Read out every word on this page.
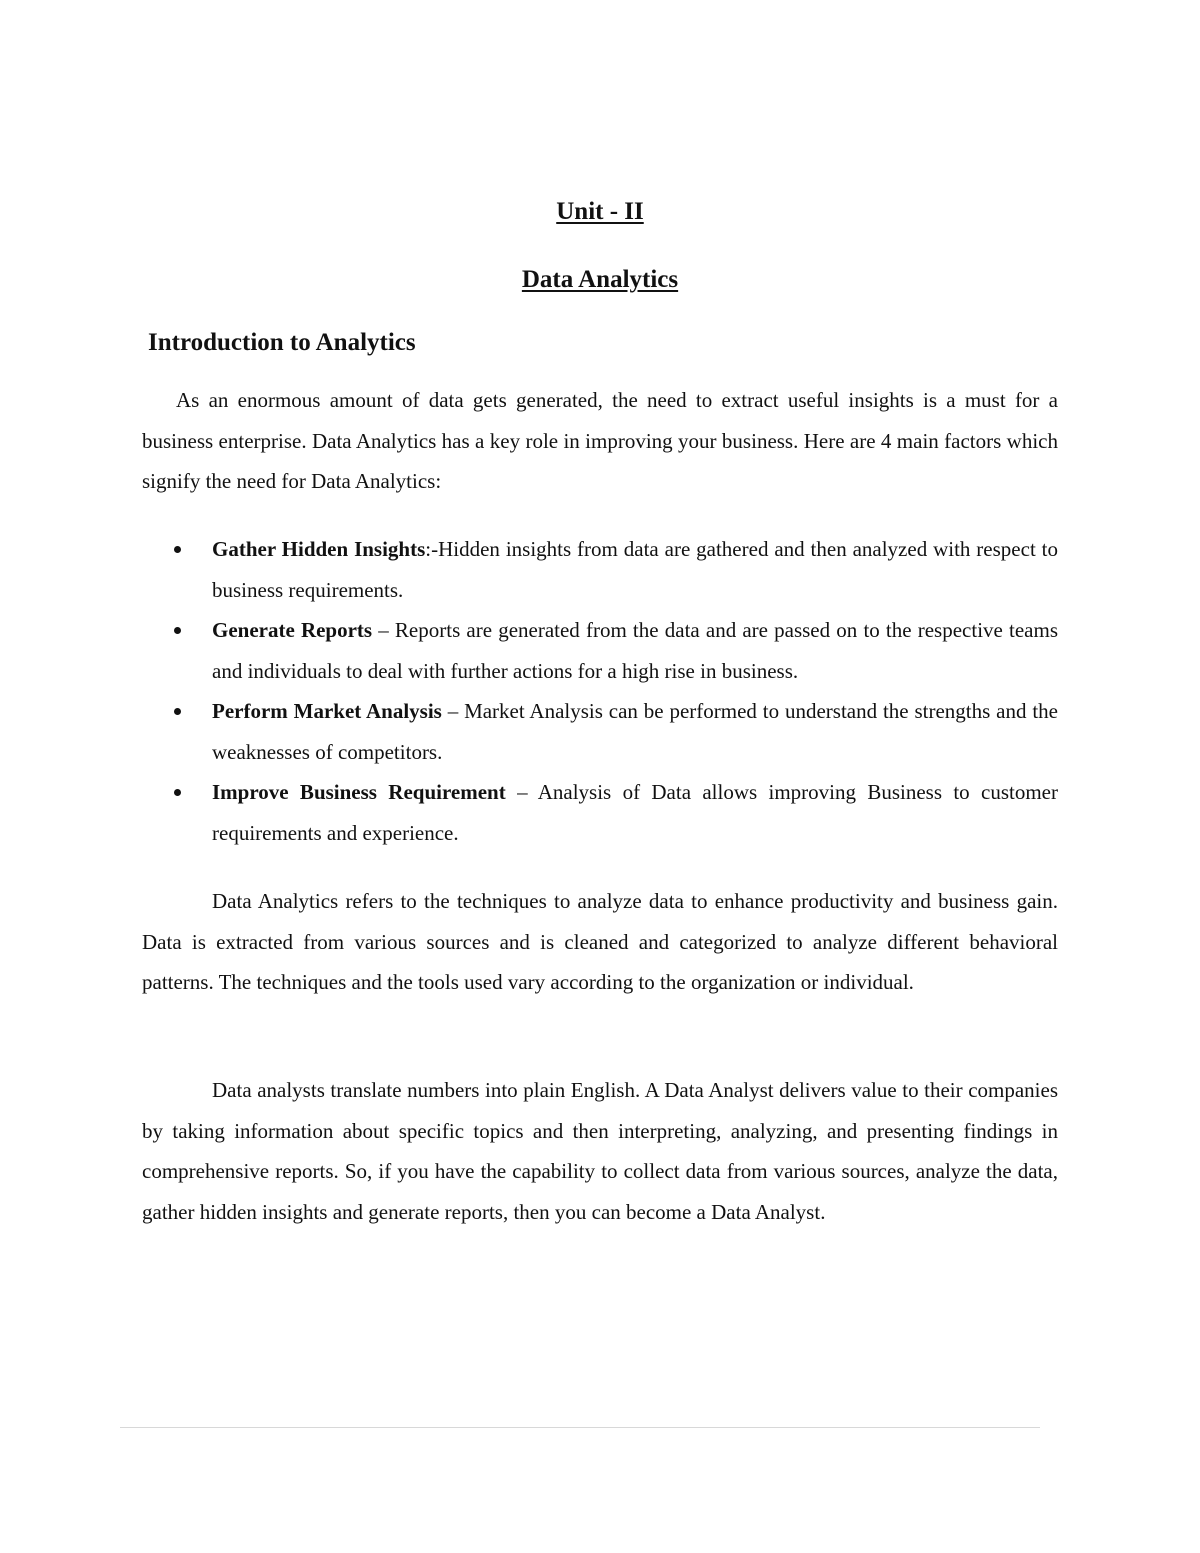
Unit - II
Data Analytics
Introduction to Analytics

As an enormous amount of data gets generated, the need to extract useful insights is a must for a business enterprise. Data Analytics has a key role in improving your business. Here are 4 main factors which signify the need for Data Analytics:

Gather Hidden Insights:-Hidden insights from data are gathered and then analyzed with respect to business requirements.
Generate Reports – Reports are generated from the data and are passed on to the respective teams and individuals to deal with further actions for a high rise in business.
Perform Market Analysis – Market Analysis can be performed to understand the strengths and the weaknesses of competitors.
Improve Business Requirement – Analysis of Data allows improving Business to customer requirements and experience.

Data Analytics refers to the techniques to analyze data to enhance productivity and business gain. Data is extracted from various sources and is cleaned and categorized to analyze different behavioral patterns. The techniques and the tools used vary according to the organization or individual.

Data analysts translate numbers into plain English. A Data Analyst delivers value to their companies by taking information about specific topics and then interpreting, analyzing, and presenting findings in comprehensive reports. So, if you have the capability to collect data from various sources, analyze the data, gather hidden insights and generate reports, then you can become a Data Analyst.
